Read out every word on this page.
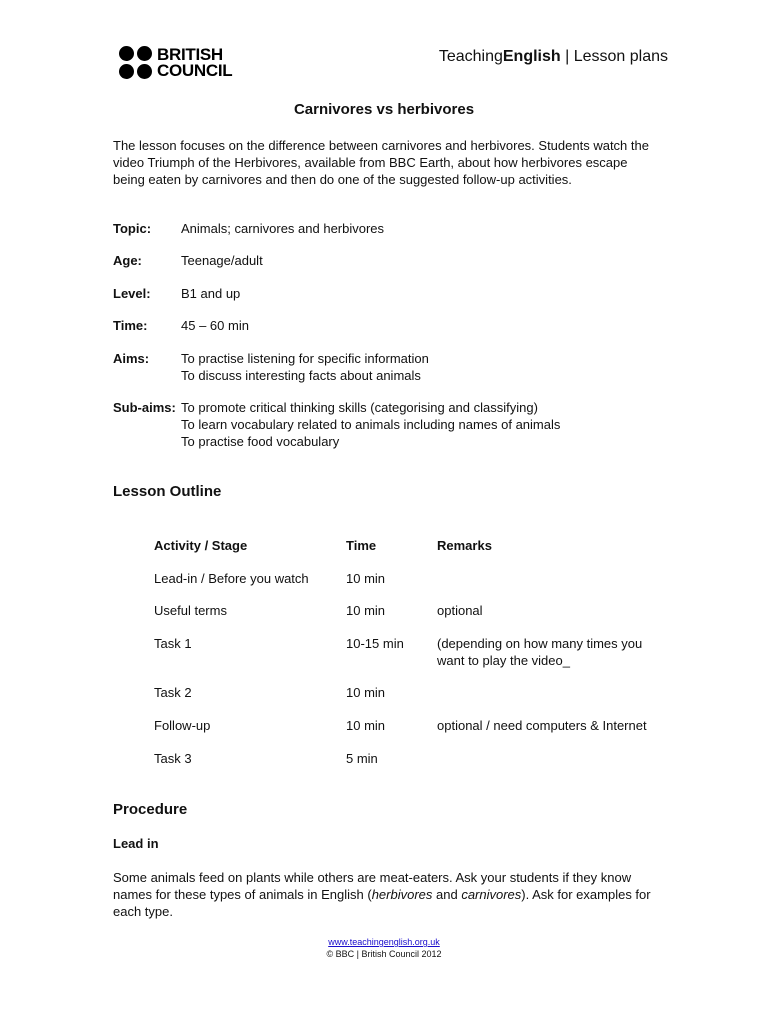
BRITISH
COUNCIL
TeachingEnglish | Lesson plans
Carnivores vs herbivores
The lesson focuses on the difference between carnivores and herbivores. Students watch the video Triumph of the Herbivores, available from BBC Earth, about how herbivores escape being eaten by carnivores and then do one of the suggested follow-up activities.
Topic: Animals; carnivores and herbivores
Age:	Teenage/adult
Level: B1 and up
Time:	45 – 60 min
Aims: To practise listening for specific information
To discuss interesting facts about animals
Sub-aims: To promote critical thinking skills (categorising and classifying)
To learn vocabulary related to animals including names of animals
To practise food vocabulary
Lesson Outline
Activity / Stage	Time	Remarks
Lead-in / Before you watch	10 min
Useful terms	10 min	optional
Task 1	10-15 min	(depending on how many times you
want to play the video_
Task 2	10 min
Follow-up	10 min	optional / need computers & Internet
Task 3	5 min
Procedure
Lead in
Some animals feed on plants while others are meat-eaters. Ask your students if they know names for these types of animals in English (herbivores and carnivores). Ask for examples for each type.
www.teachingenglish.org.uk
© BBC | British Council 2012
